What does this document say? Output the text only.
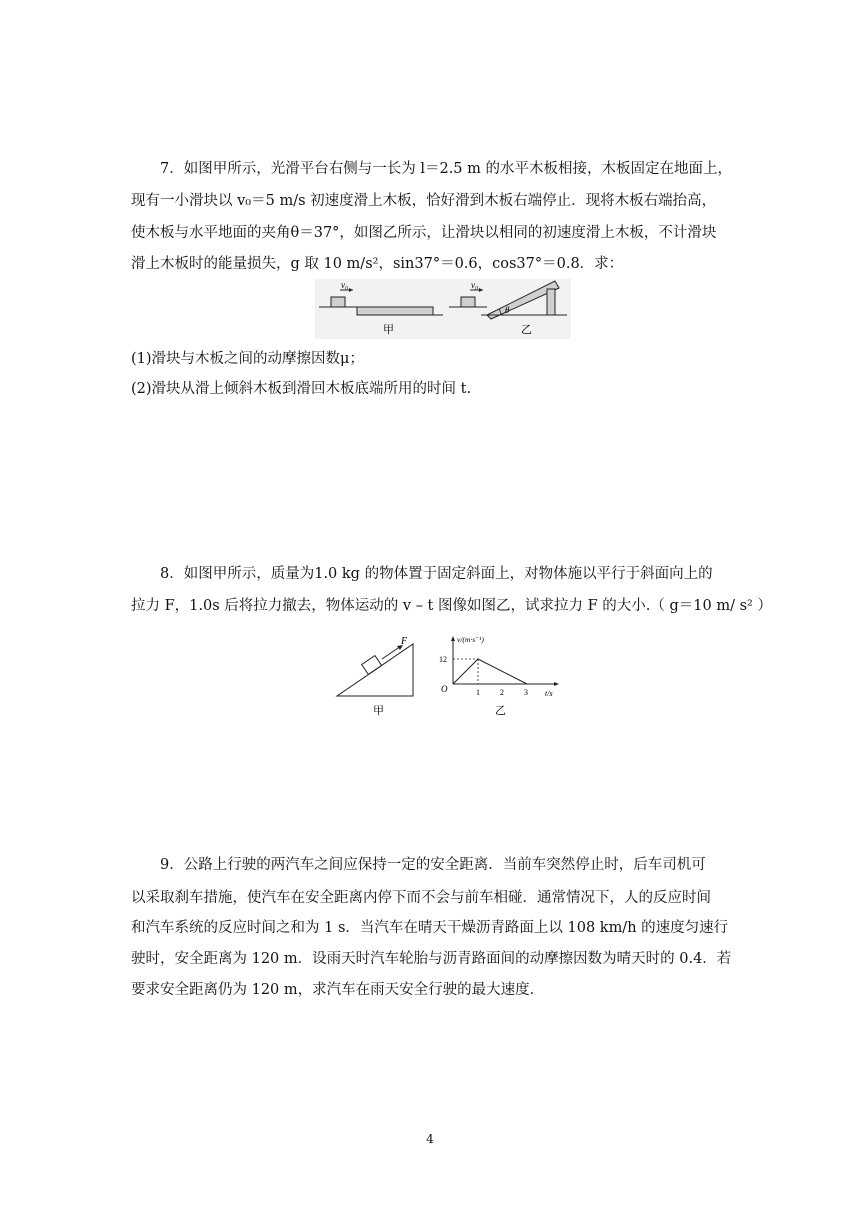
7．如图甲所示，光滑平台右侧与一长为 l＝2.5 m 的水平木板相接，木板固定在地面上，
现有一小滑块以 v₀＝5 m/s 初速度滑上木板，恰好滑到木板右端停止．现将木板右端抬高，
使木板与水平地面的夹角θ＝37°，如图乙所示，让滑块以相同的初速度滑上木板，不计滑块
滑上木板时的能量损失，g 取 10 m/s²，sin37°＝0.6，cos37°＝0.8．求：
v₀
甲
v₀
θ
乙
(1)滑块与木板之间的动摩擦因数μ；
(2)滑块从滑上倾斜木板到滑回木板底端所用的时间 t.
8．如图甲所示，质量为1.0 kg 的物体置于固定斜面上，对物体施以平行于斜面向上的
拉力 F，1.0s 后将拉力撤去，物体运动的 v – t 图像如图乙，试求拉力 F 的大小.（ g＝10 m/ s² ）
F
甲
v/(m·s⁻¹)
t/s
O
12
1	2	3
乙
9．公路上行驶的两汽车之间应保持一定的安全距离．当前车突然停止时，后车司机可
以采取刹车措施，使汽车在安全距离内停下而不会与前车相碰．通常情况下，人的反应时间
和汽车系统的反应时间之和为 1 s．当汽车在晴天干燥沥青路面上以 108 km/h 的速度匀速行
驶时，安全距离为 120 m．设雨天时汽车轮胎与沥青路面间的动摩擦因数为晴天时的 0.4．若
要求安全距离仍为 120 m，求汽车在雨天安全行驶的最大速度．
4
